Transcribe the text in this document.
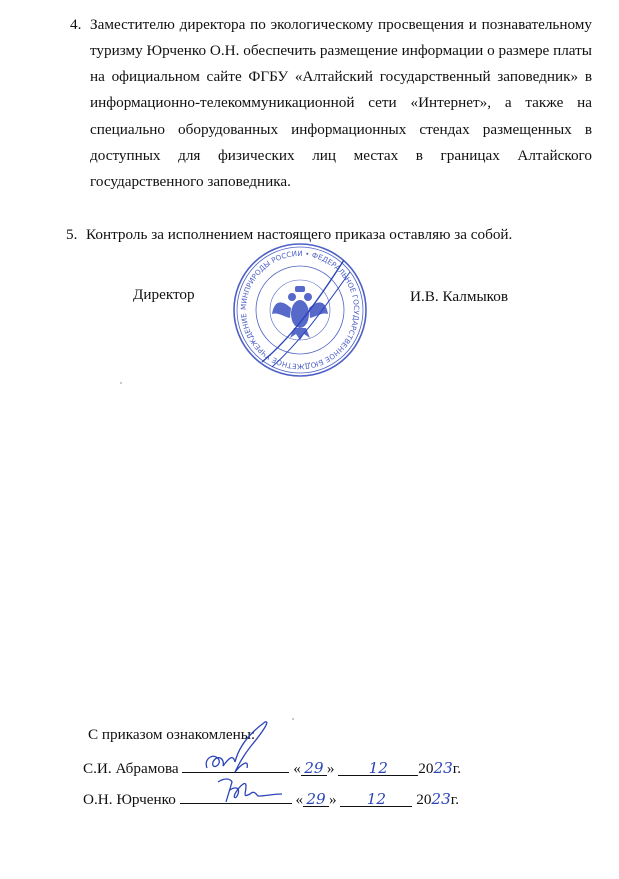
4. Заместителю директора по экологическому просвещения и познавательному
туризму Юрченко О.Н. обеспечить размещение информации о размере платы
на официальном сайте ФГБУ «Алтайский государственный заповедник» в
информационно-телекоммуникационной сети «Интернет», а также на
специально оборудованных информационных стендах размещенных в
доступных для физических лиц местах в границах Алтайского
государственного заповедника.
5. Контроль за исполнением настоящего приказа оставляю за собой.
Директор	И.В. Калмыков
МИНПРИРОДЫ РОССИИ • ФЕДЕРАЛЬНОЕ ГОСУДАРСТВЕННОЕ БЮДЖЕТНОЕ УЧРЕЖДЕНИЕ
С приказом ознакомлены:
С.И. Абрамова	« 29 » 12 2023г.
О.Н. Юрченко	« 29 » 12 2023г.
